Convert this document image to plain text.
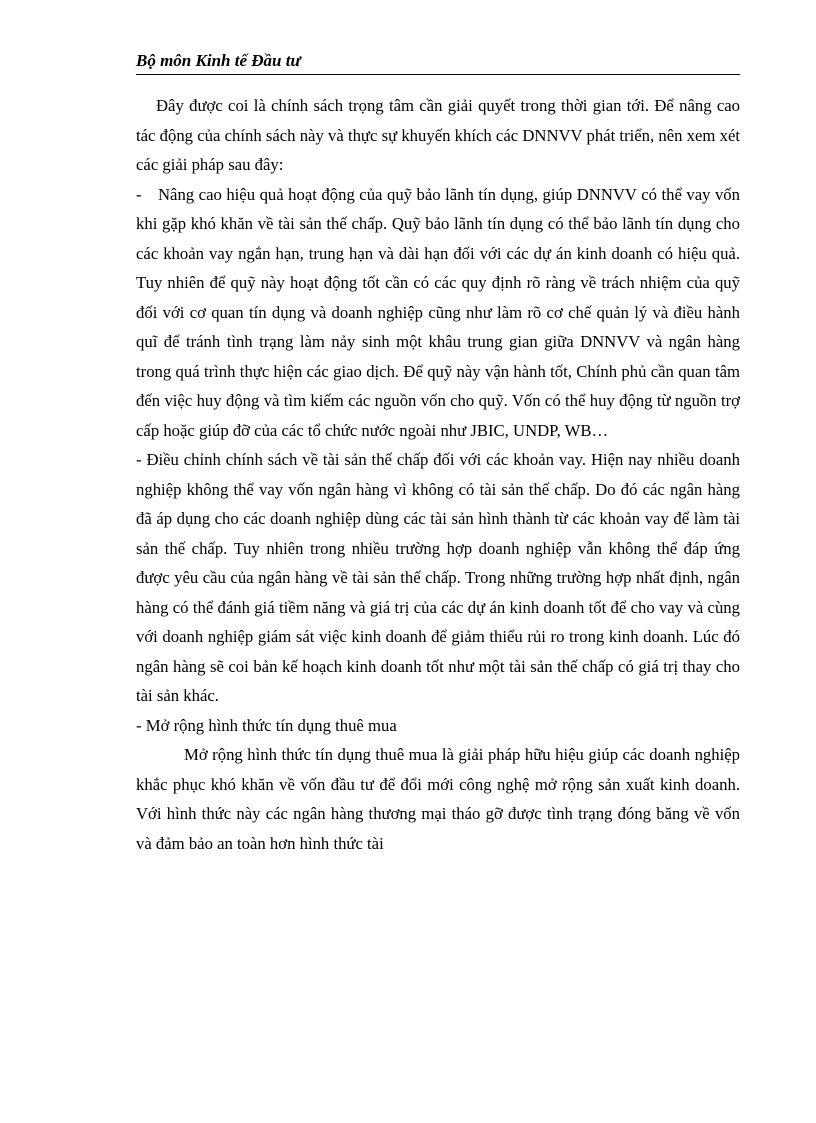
Bộ môn Kinh tế Đầu tư

Đây được coi là chính sách trọng tâm cần giải quyết trong thời gian tới. Để nâng cao tác động của chính sách này và thực sự khuyến khích các DNNVV phát triển, nên xem xét các giải pháp sau đây:

- Nâng cao hiệu quả hoạt động của quỹ bảo lãnh tín dụng, giúp DNNVV có thể vay vốn khi gặp khó khăn về tài sản thế chấp. Quỹ bảo lãnh tín dụng có thể bảo lãnh tín dụng cho các khoản vay ngắn hạn, trung hạn và dài hạn đối với các dự án kinh doanh có hiệu quả. Tuy nhiên để quỹ này hoạt động tốt cần có các quy định rõ ràng về trách nhiệm của quỹ đối với cơ quan tín dụng và doanh nghiệp cũng như làm rõ cơ chế quản lý và điều hành quĩ để tránh tình trạng làm nảy sinh một khâu trung gian giữa DNNVV và ngân hàng trong quá trình thực hiện các giao dịch. Để quỹ này vận hành tốt, Chính phủ cần quan tâm đến việc huy động và tìm kiếm các nguồn vốn cho quỹ. Vốn có thể huy động từ nguồn trợ cấp hoặc giúp đỡ của các tổ chức nước ngoài như JBIC, UNDP, WB…

- Điều chỉnh chính sách về tài sản thế chấp đối với các khoản vay. Hiện nay nhiều doanh nghiệp không thể vay vốn ngân hàng vì không có tài sản thế chấp. Do đó các ngân hàng đã áp dụng cho các doanh nghiệp dùng các tài sản hình thành từ các khoản vay để làm tài sản thế chấp. Tuy nhiên trong nhiều trường hợp doanh nghiệp vẫn không thể đáp ứng được yêu cầu của ngân hàng về tài sản thế chấp. Trong những trường hợp nhất định, ngân hàng có thể đánh giá tiềm năng và giá trị của các dự án kinh doanh tốt để cho vay và cùng với doanh nghiệp giám sát việc kinh doanh để giảm thiểu rủi ro trong kinh doanh. Lúc đó ngân hàng sẽ coi bản kế hoạch kinh doanh tốt như một tài sản thế chấp có giá trị thay cho tài sản khác.

- Mở rộng hình thức tín dụng thuê mua

Mở rộng hình thức tín dụng thuê mua là giải pháp hữu hiệu giúp các doanh nghiệp khắc phục khó khăn về vốn đầu tư để đổi mới công nghệ mở rộng sản xuất kinh doanh. Với hình thức này các ngân hàng thương mại tháo gỡ được tình trạng đóng băng về vốn và đảm bảo an toàn hơn hình thức tài
